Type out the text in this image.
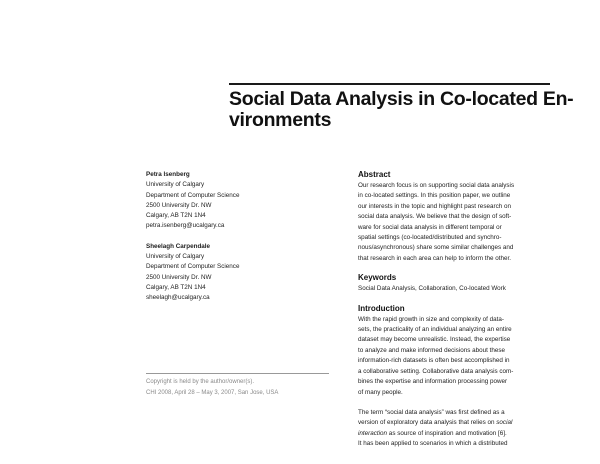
Social Data Analysis in Co-located En-
vironments
Petra Isenberg
University of Calgary
Department of Computer Science
2500 University Dr. NW
Calgary, AB T2N 1N4
petra.isenberg@ucalgary.ca
Sheelagh Carpendale
University of Calgary
Department of Computer Science
2500 University Dr. NW
Calgary, AB T2N 1N4
sheelagh@ucalgary.ca
Copyright is held by the author/owner(s).
CHI 2008, April 28 – May 3, 2007, San Jose, USA
Abstract
Our research focus is on supporting social data analysis
in co-located settings. In this position paper, we outline
our interests in the topic and highlight past research on
social data analysis. We believe that the design of soft-
ware for social data analysis in different temporal or
spatial settings (co-located/distributed and synchro-
nous/asynchronous) share some similar challenges and
that research in each area can help to inform the other.
Keywords
Social Data Analysis, Collaboration, Co-located Work
Introduction
With the rapid growth in size and complexity of data-
sets, the practicality of an individual analyzing an entire
dataset may become unrealistic. Instead, the expertise
to analyze and make informed decisions about these
information-rich datasets is often best accomplished in
a collaborative setting. Collaborative data analysis com-
bines the expertise and information processing power
of many people.
The term “social data analysis” was first defined as a
version of exploratory data analysis that relies on social
interaction as source of inspiration and motivation [6].
It has been applied to scenarios in which a distributed
